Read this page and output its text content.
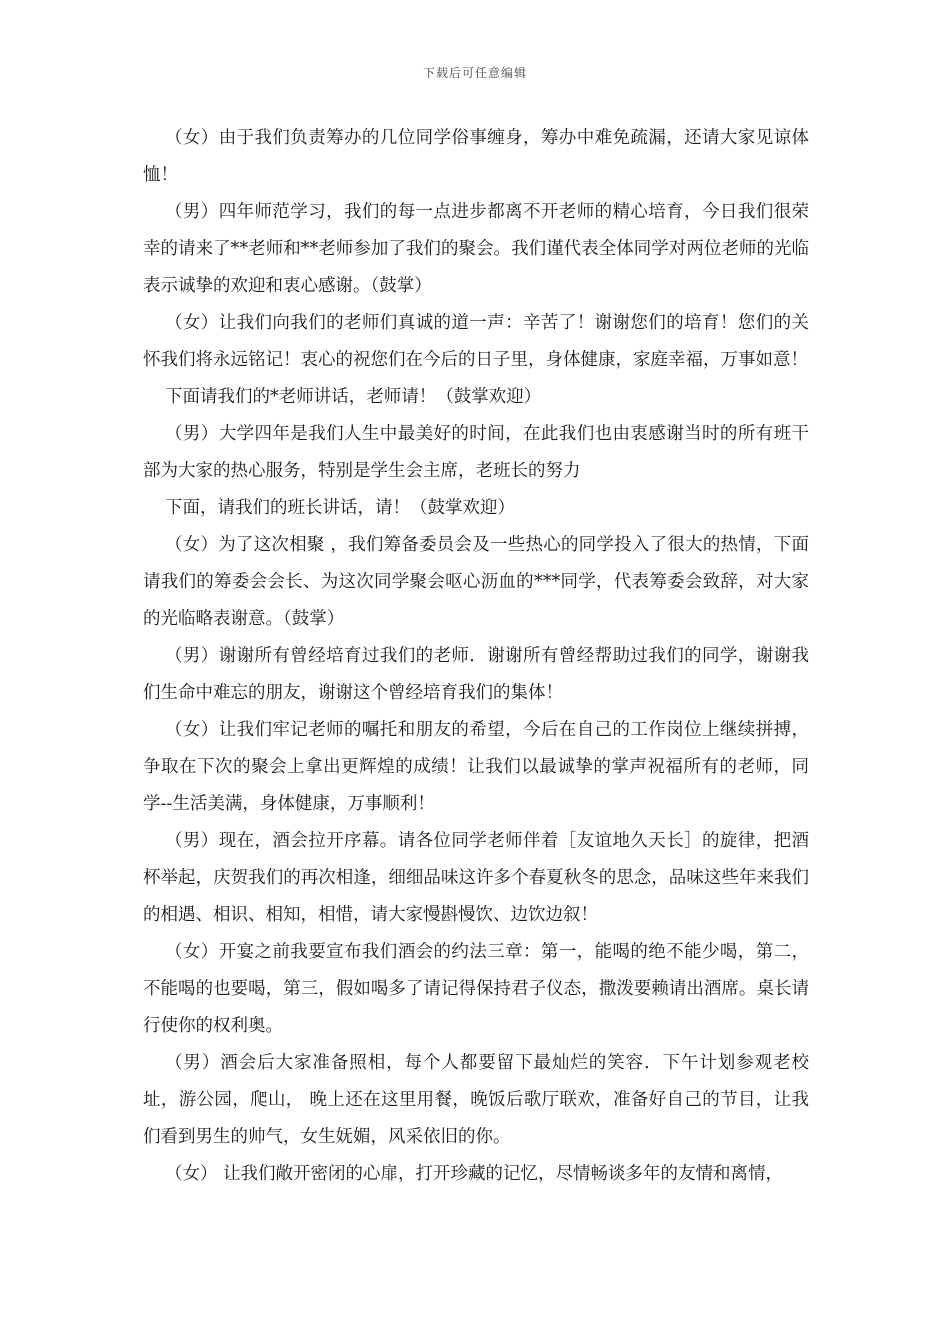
下载后可任意编辑

（女）由于我们负责筹办的几位同学俗事缠身，筹办中难免疏漏，还请大家见谅体恤！

（男）四年师范学习，我们的每一点进步都离不开老师的精心培育，今日我们很荣幸的请来了**老师和**老师参加了我们的聚会。我们谨代表全体同学对两位老师的光临表示诚挚的欢迎和衷心感谢。（鼓掌）

（女）让我们向我们的老师们真诚的道一声：辛苦了！谢谢您们的培育！您们的关怀我们将永远铭记！衷心的祝您们在今后的日子里，身体健康，家庭幸福，万事如意！

下面请我们的*老师讲话，老师请！（鼓掌欢迎）

（男）大学四年是我们人生中最美好的时间，在此我们也由衷感谢当时的所有班干部为大家的热心服务，特别是学生会主席，老班长的努力

下面，请我们的班长讲话，请！（鼓掌欢迎）

（女）为了这次相聚 ，我们筹备委员会及一些热心的同学投入了很大的热情，下面请我们的筹委会会长、为这次同学聚会呕心沥血的***同学，代表筹委会致辞，对大家的光临略表谢意。（鼓掌）

（男）谢谢所有曾经培育过我们的老师．谢谢所有曾经帮助过我们的同学，谢谢我们生命中难忘的朋友，谢谢这个曾经培育我们的集体！

（女）让我们牢记老师的嘱托和朋友的希望，今后在自己的工作岗位上继续拼搏，争取在下次的聚会上拿出更辉煌的成绩！让我们以最诚挚的掌声祝福所有的老师，同学--生活美满，身体健康，万事顺利！

（男）现在，酒会拉开序幕。请各位同学老师伴着［友谊地久天长］的旋律，把酒杯举起，庆贺我们的再次相逢，细细品味这许多个春夏秋冬的思念，品味这些年来我们的相遇、相识、相知，相惜，请大家慢斟慢饮、边饮边叙！

（女）开宴之前我要宣布我们酒会的约法三章：第一，能喝的绝不能少喝，第二，不能喝的也要喝，第三，假如喝多了请记得保持君子仪态，撒泼要赖请出酒席。桌长请行使你的权利奥。

（男）酒会后大家准备照相，每个人都要留下最灿烂的笑容．下午计划参观老校址，游公园，爬山， 晚上还在这里用餐，晚饭后歌厅联欢，准备好自己的节目，让我们看到男生的帅气，女生妩媚，风采依旧的你。

（女） 让我们敞开密闭的心扉，打开珍藏的记忆，尽情畅谈多年的友情和离情，
